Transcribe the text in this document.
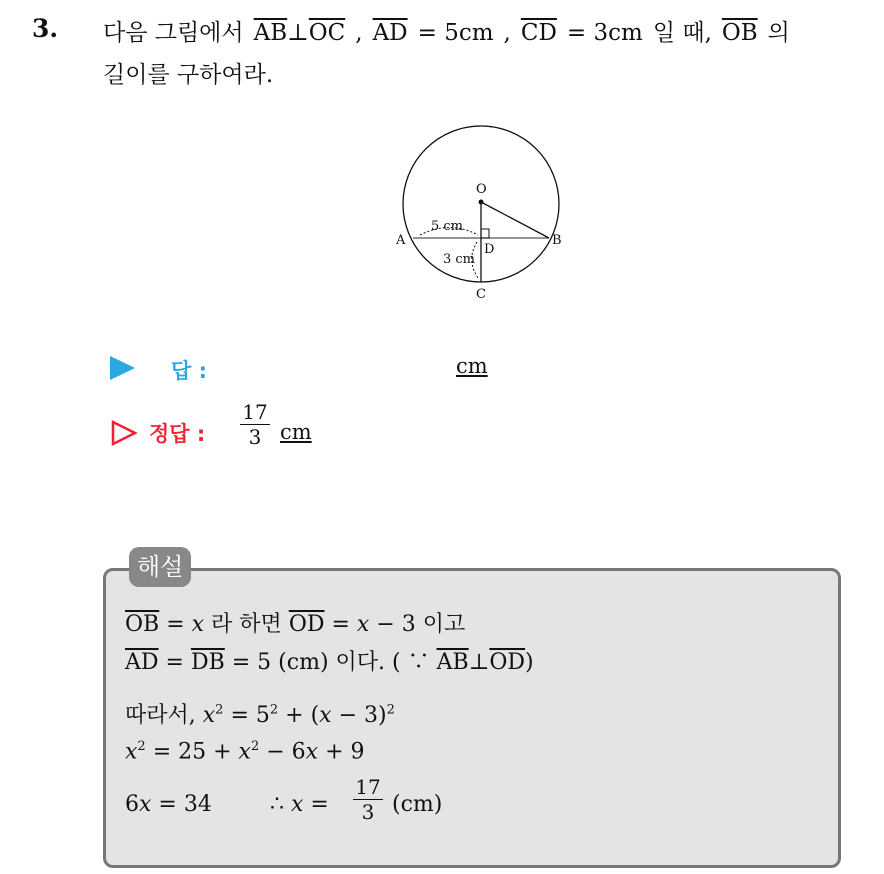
3. 다음 그림에서 $\overline{AB}\perp\overline{OC}$ , $\overline{AD} = 5cm$ , $\overline{CD} = 3cm$ 일 때, $\overline{OB}$ 의
길이를 구하여라.
O
A	B
C
D
5 cm
3 cm
답 :	cm
정답 : $\frac{17}{3}$ cm
해설
$\overline{OB} = x$ 라 하면 $\overline{OD} = x - 3$ 이고
$\overline{AD} = \overline{DB} = 5$ (cm) 이다. ( ∵ $\overline{AB}\perp\overline{OD}$)
따라서, $x^2 = 5^2 + (x - 3)^2$
$x^2 = 25 + x^2 - 6x + 9$
6x = 34	∴ $x = \frac{17}{3} (cm)$
